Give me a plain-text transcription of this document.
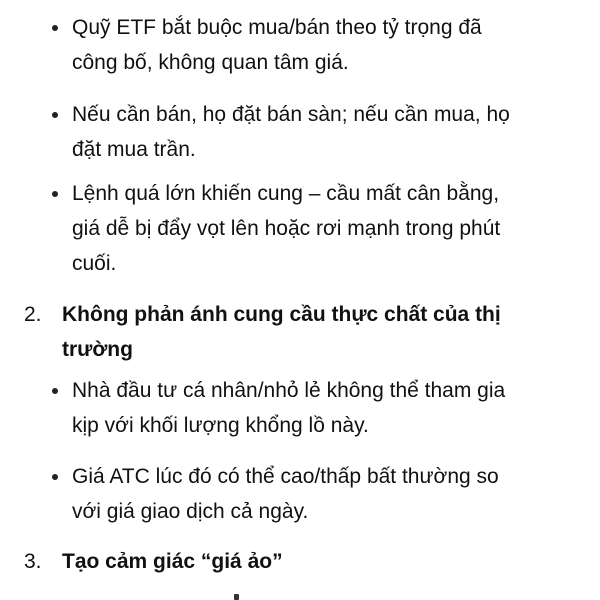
Quỹ ETF bắt buộc mua/bán theo tỷ trọng đã
công bố, không quan tâm giá.
Nếu cần bán, họ đặt bán sàn; nếu cần mua, họ
đặt mua trần.
Lệnh quá lớn khiến cung – cầu mất cân bằng,
giá dễ bị đẩy vọt lên hoặc rơi mạnh trong phút
cuối.
2. Không phản ánh cung cầu thực chất của thị
trường
Nhà đầu tư cá nhân/nhỏ lẻ không thể tham gia
kịp với khối lượng khổng lồ này.
Giá ATC lúc đó có thể cao/thấp bất thường so
với giá giao dịch cả ngày.
3. Tạo cảm giác “giá ảo”
